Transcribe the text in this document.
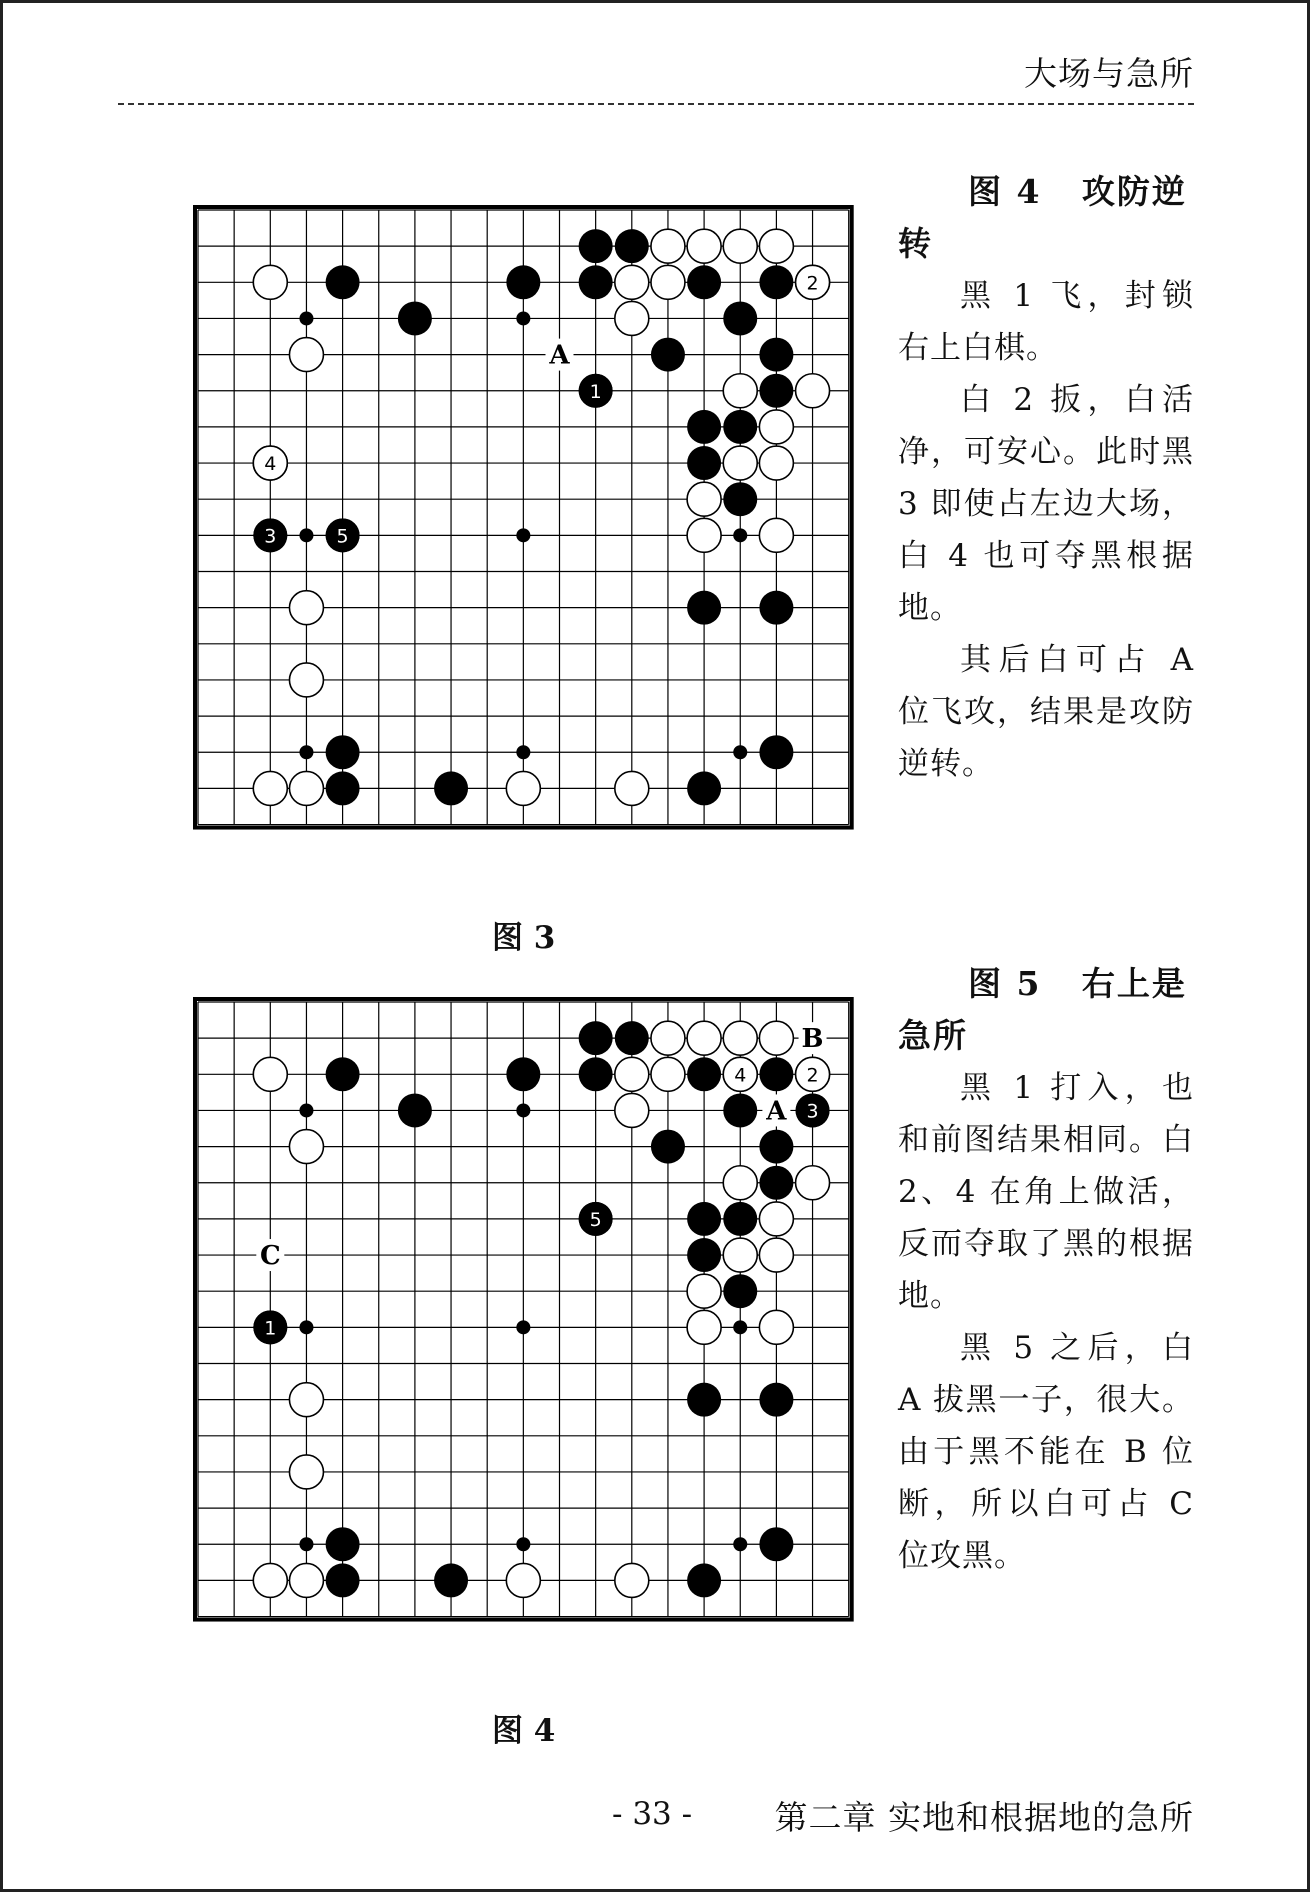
大场与急所
1
2
3
4
5
A
图 3
1
2
3
4
5
B
A
C
图 4
图 4 攻防逆转

黑 1 飞，封锁右上白棋。

白 2 扳，白活净，可安心。此时黑 3 即使占左边大场，白 4 也可夺黑根据地。

其后白可占 A 位飞攻，结果是攻防逆转。

图 5 右上是急所

黑 1 打入，也和前图结果相同。白 2、4 在角上做活，反而夺取了黑的根据地。

黑 5 之后，白 A 拔黑一子，很大。由于黑不能在 B 位断，所以白可占 C 位攻黑。

- 33 - 第二章 实地和根据地的急所
